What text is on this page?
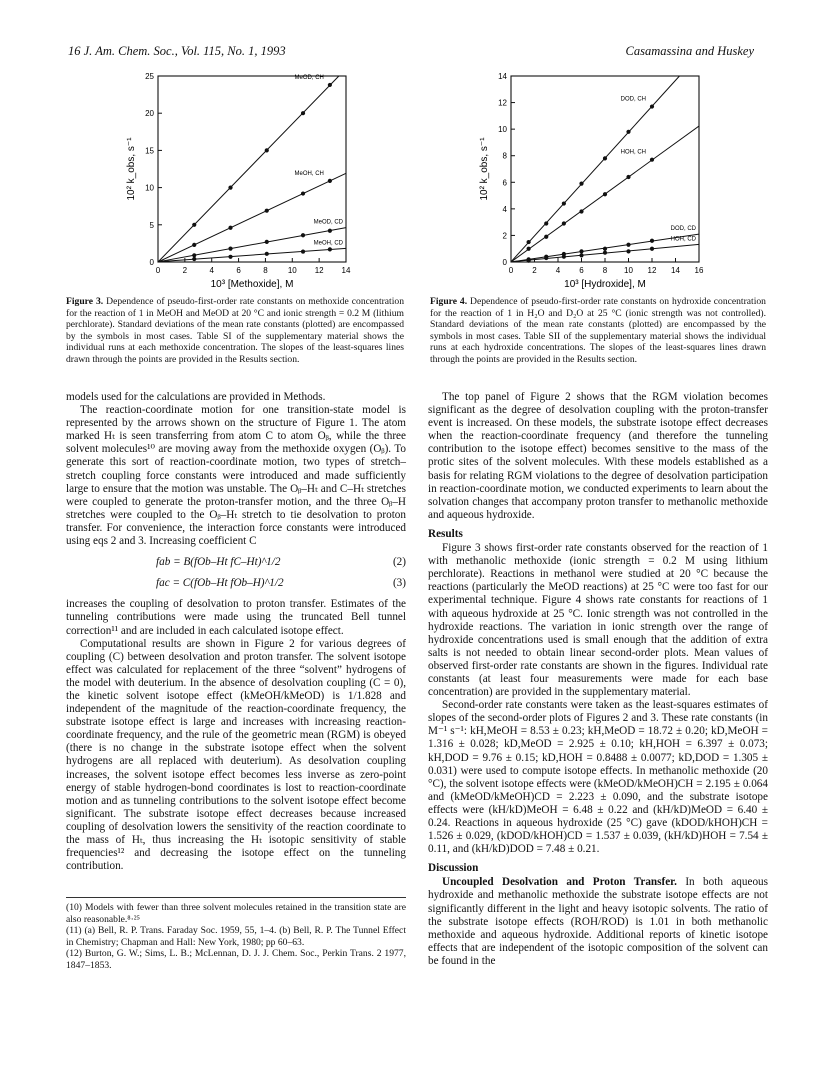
16 J. Am. Chem. Soc., Vol. 115, No. 1, 1993	Casamassina and Huskey
0	2	4	6	8	10 12 14
0
5
10
15
20
25
10³ [Methoxide], M
10² k_obs, s⁻¹
MeOD, CH
MeOH, CH
MeOD, CD
MeOH, CD
0 2 4 6 8 10 12 14 16
0
2
4
6
8
10
12
14
10³ [Hydroxide], M
10² k_obs, s⁻¹
DOD, CH
HOH, CH
DOD, CD
HOH, CD
Figure 3. Dependence of pseudo-first-order rate constants on methoxide concentration for the reaction of 1 in MeOH and MeOD at 20 °C and ionic strength = 0.2 M (lithium perchlorate). Standard deviations of the mean rate constants (plotted) are encompassed by the symbols in most cases. Table SI of the supplementary material shows the individual runs at each methoxide concentration. The slopes of the least-squares lines drawn through the points are provided in the Results section.
Figure 4. Dependence of pseudo-first-order rate constants on hydroxide concentration for the reaction of 1 in H₂O and D₂O at 25 °C (ionic strength was not controlled). Standard deviations of the mean rate constants (plotted) are encompassed by the symbols in most cases. Table SII of the supplementary material shows the individual runs at each hydroxide concentrations. The slopes of the least-squares lines drawn through the points are provided in the Results section.

models used for the calculations are provided in Methods.

The reaction-coordinate motion for one transition-state model is represented by the arrows shown on the structure of Figure 1. The atom marked Hₜ is seen transferring from atom C to atom Oᵦ, while the three solvent molecules¹⁰ are moving away from the methoxide oxygen (Oᵦ). To generate this sort of reaction-coordinate motion, two types of stretch–stretch coupling force constants were introduced and made sufficiently large to ensure that the motion was unstable. The Oᵦ–Hₜ and C–Hₜ stretches were coupled to generate the proton-transfer motion, and the three Oᵦ–H stretches were coupled to the Oᵦ–Hₜ stretch to tie desolvation to proton transfer. For convenience, the interaction force constants were introduced using eqs 2 and 3. Increasing coefficient C

fab = B(fOb–Ht fC–Ht)^1/2	(2)
fac = C(fOb–Ht fOb–H)^1/2	(3)

increases the coupling of desolvation to proton transfer. Estimates of the tunneling contributions were made using the truncated Bell tunnel correction¹¹ and are included in each calculated isotope effect.

Computational results are shown in Figure 2 for various degrees of coupling (C) between desolvation and proton transfer. The solvent isotope effect was calculated for replacement of the three “solvent” hydrogens of the model with deuterium. In the absence of desolvation coupling (C = 0), the kinetic solvent isotope effect (kMeOH/kMeOD) is 1/1.828 and independent of the magnitude of the reaction-coordinate frequency, the substrate isotope effect is large and increases with increasing reaction-coordinate frequency, and the rule of the geometric mean (RGM) is obeyed (there is no change in the substrate isotope effect when the solvent hydrogens are all replaced with deuterium). As desolvation coupling increases, the solvent isotope effect becomes less inverse as zero-point energy of stable hydrogen-bond coordinates is lost to reaction-coordinate motion and as tunneling contributions to the solvent isotope effect become significant. The substrate isotope effect decreases because increased coupling of desolvation lowers the sensitivity of the reaction coordinate to the mass of Hₜ, thus increasing the Hₜ isotopic sensitivity of stable frequencies¹² and decreasing the isotope effect on the tunneling contribution.

(10) Models with fewer than three solvent molecules retained in the transition state are also reasonable.⁸·²⁵
(11) (a) Bell, R. P. Trans. Faraday Soc. 1959, 55, 1–4. (b) Bell, R. P. The Tunnel Effect in Chemistry; Chapman and Hall: New York, 1980; pp 60–63.
(12) Burton, G. W.; Sims, L. B.; McLennan, D. J. J. Chem. Soc., Perkin Trans. 2 1977, 1847–1853.

The top panel of Figure 2 shows that the RGM violation becomes significant as the degree of desolvation coupling with the proton-transfer event is increased. On these models, the substrate isotope effect decreases when the reaction-coordinate frequency (and therefore the tunneling contribution to the isotope effect) becomes sensitive to the mass of the protic sites of the solvent molecules. With these models established as a basis for relating RGM violations to the degree of desolvation participation in reaction-coordinate motion, we conducted experiments to learn about the solvation changes that accompany proton transfer to methanolic methoxide and aqueous hydroxide.

Results

Figure 3 shows first-order rate constants observed for the reaction of 1 with methanolic methoxide (ionic strength = 0.2 M using lithium perchlorate). Reactions in methanol were studied at 20 °C because the reactions (particularly the MeOD reactions) at 25 °C were too fast for our experimental technique. Figure 4 shows rate constants for reactions of 1 with aqueous hydroxide at 25 °C. Ionic strength was not controlled in the hydroxide reactions. The variation in ionic strength over the range of hydroxide concentrations used is small enough that the addition of extra salts is not needed to obtain linear second-order plots. Mean values of observed first-order rate constants are shown in the figures. Individual rate constants (at least four measurements were made for each base concentration) are provided in the supplementary material.

Second-order rate constants were taken as the least-squares estimates of slopes of the second-order plots of Figures 2 and 3. These rate constants (in M⁻¹ s⁻¹: kH,MeOH = 8.53 ± 0.23; kH,MeOD = 18.72 ± 0.20; kD,MeOH = 1.316 ± 0.028; kD,MeOD = 2.925 ± 0.10; kH,HOH = 6.397 ± 0.073; kH,DOD = 9.76 ± 0.15; kD,HOH = 0.8488 ± 0.0077; kD,DOD = 1.305 ± 0.031) were used to compute isotope effects. In methanolic methoxide (20 °C), the solvent isotope effects were (kMeOD/kMeOH)CH = 2.195 ± 0.064 and (kMeOD/kMeOH)CD = 2.223 ± 0.090, and the substrate isotope effects were (kH/kD)MeOH = 6.48 ± 0.22 and (kH/kD)MeOD = 6.40 ± 0.24. Reactions in aqueous hydroxide (25 °C) gave (kDOD/kHOH)CH = 1.526 ± 0.029, (kDOD/kHOH)CD = 1.537 ± 0.039, (kH/kD)HOH = 7.54 ± 0.11, and (kH/kD)DOD = 7.48 ± 0.21.

Discussion

Uncoupled Desolvation and Proton Transfer. In both aqueous hydroxide and methanolic methoxide the substrate isotope effects are not significantly different in the light and heavy isotopic solvents. The ratio of the substrate isotope effects (ROH/ROD) is 1.01 in both methanolic methoxide and aqueous hydroxide. Additional reports of kinetic isotope effects that are independent of the isotopic composition of the solvent can be found in the
